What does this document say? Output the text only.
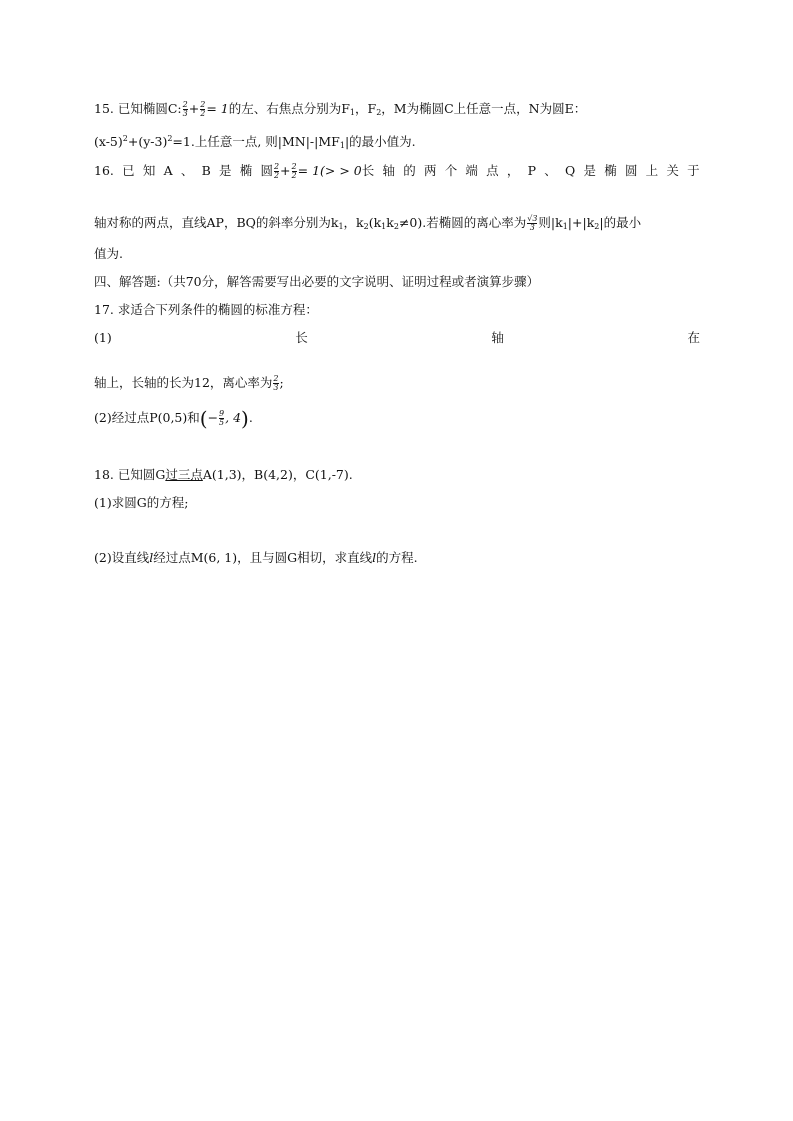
15. 已知椭圆C: $\frac{2}{3} + \frac{2}{2} = 1$的左、右焦点分别为$F_1$，$F_2$，M为椭圆C上任意一点，N为圆E：
$(x-5)^2+(y-3)^2=1$.上任意一点, 则$|MN|-|MF_1|$的最小值为.
16. 已 知 A 、 B 是 椭 圆 $\frac{2}{2} + \frac{2}{2} = 1(> > 0$长 轴 的 两 个 端 点 ， P 、 Q 是 椭 圆 上 关 于
轴对称的两点，直线AP，BQ的斜率分别为$k_1$，$k_2(k_1k_2\ne 0)$.若椭圆的离心率为 $\frac{√3}{3}$ 则$|k_1|+|k_2|$的最小
值为.
四、解答题:（共70分，解答需要写出必要的文字说明、证明过程或者演算步骤）
17. 求适合下列条件的椭圆的标准方程：
(1)	长	轴	在
轴上，长轴的长为12，离心率为 $\frac{2}{3}$ ;
(2)经过点P(0,5)和(− $\frac{9}{5}$ , 4).
18. 已知圆G过三点A(1,3)，B(4,2)，C(1,-7).
(1)求圆G的方程;
(2)设直线l经过点M(6, 1)，且与圆G相切，求直线l的方程.
